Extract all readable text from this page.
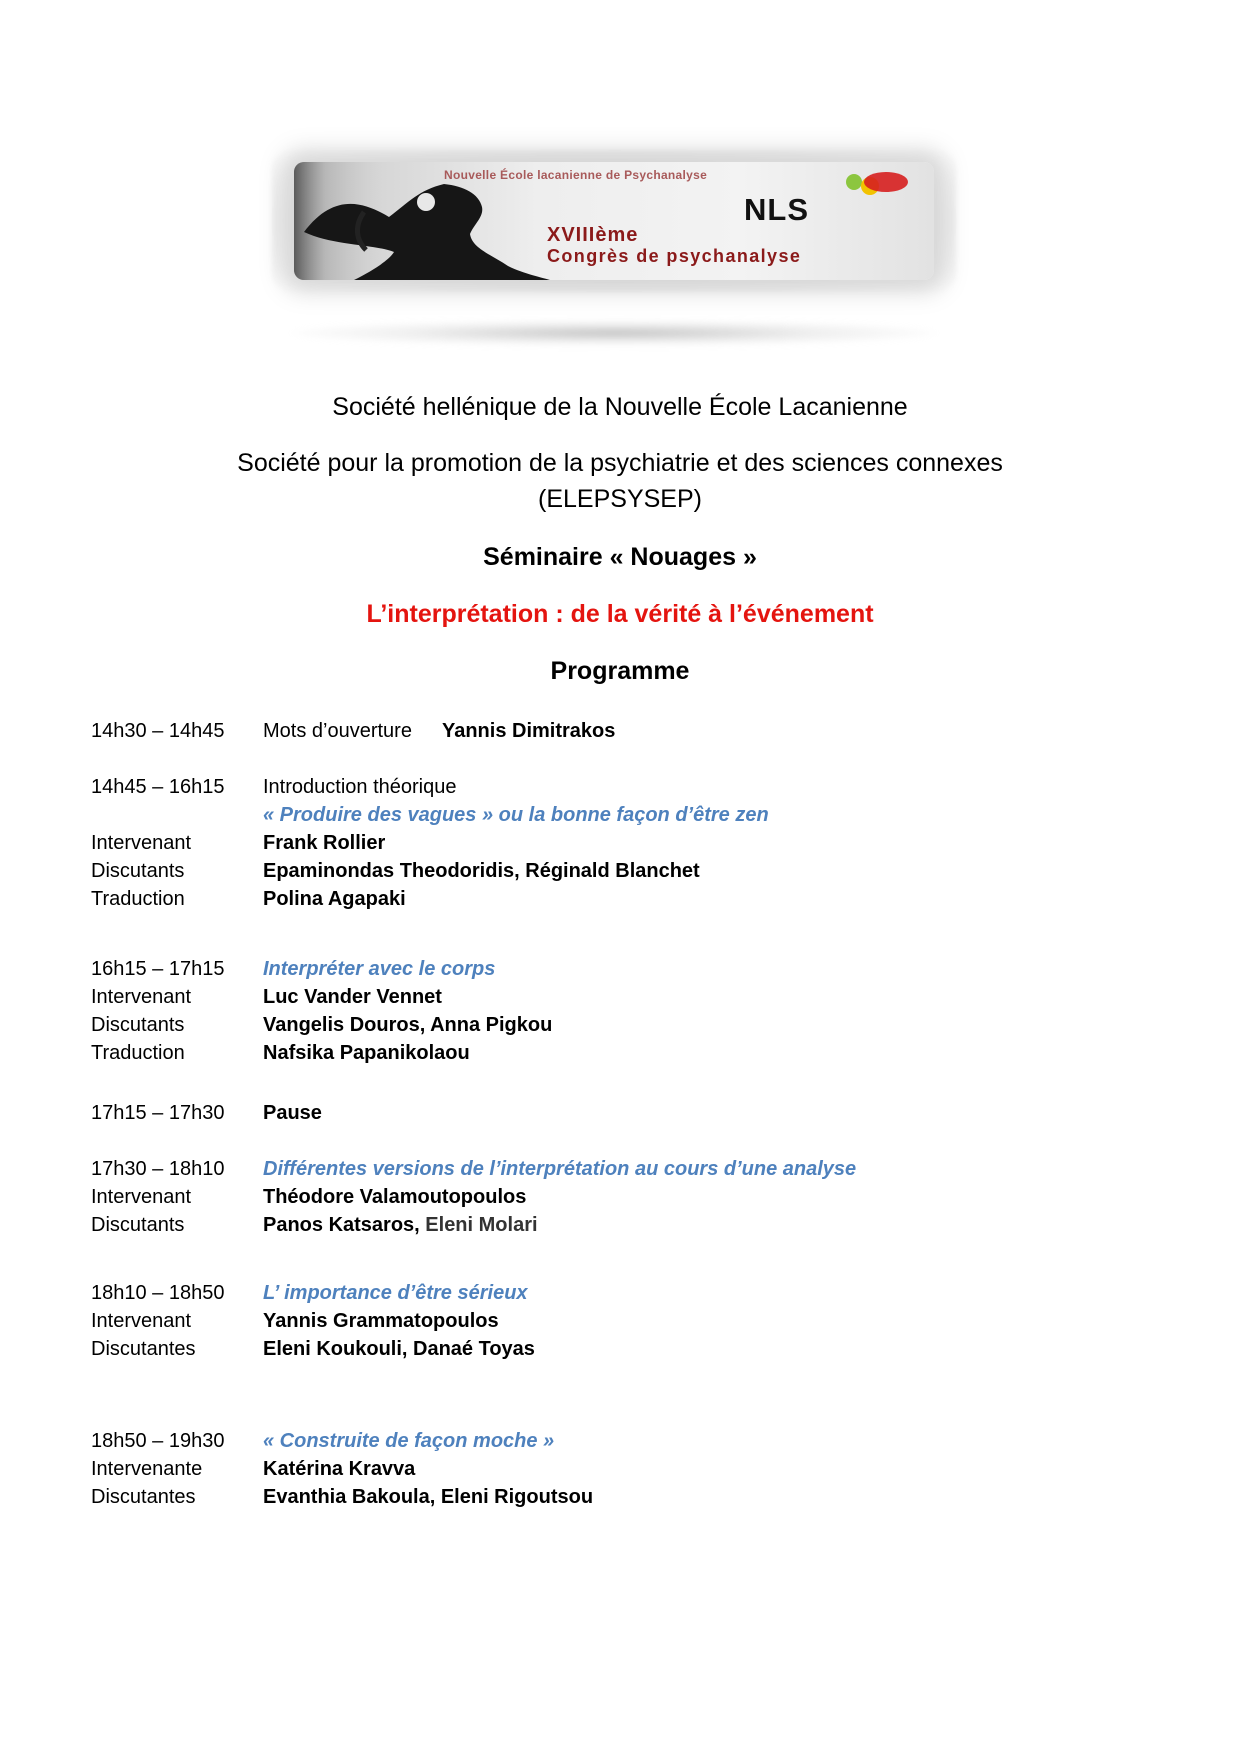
Nouvelle École lacanienne de Psychanalyse
NLS
XVIIIème
Congrès de psychanalyse
Société hellénique de la Nouvelle École Lacanienne
Société pour la promotion de la psychiatrie et des sciences connexes
(ELEPSYSEP)
Séminaire « Nouages »
L’interprétation : de la vérité à l’événement
Programme
14h30 – 14h45 Mots d’ouverture Yannis Dimitrakos
14h45 – 16h15 Introduction théorique
« Produire des vagues » ou la bonne façon d’être zen
Intervenant	Frank Rollier
Discutants	Epaminondas Theodoridis, Réginald Blanchet
Traduction	Polina Agapaki
16h15 – 17h15 Interpréter avec le corps
Intervenant	Luc Vander Vennet
Discutants	Vangelis Douros, Anna Pigkou
Traduction	Nafsika Papanikolaou
17h15 – 17h30 Pause
17h30 – 18h10 Différentes versions de l’interprétation au cours d’une analyse
Intervenant	Théodore Valamoutopoulos
Discutants	Panos Katsaros, Eleni Molari
18h10 – 18h50 L’ importance d’être sérieux
Intervenant	Yannis Grammatopoulos
Discutantes	Eleni Koukouli, Danaé Toyas
18h50 – 19h30 « Construite de façon moche »
Intervenante	Katérina Kravva
Discutantes	Evanthia Bakoula, Eleni Rigoutsou
